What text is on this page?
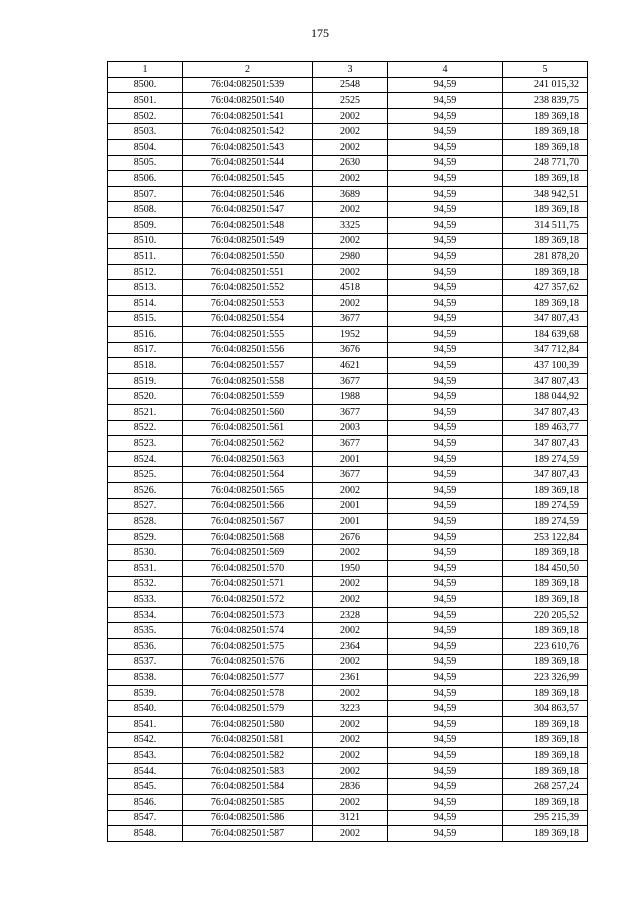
175
1	2	3	4	5
8500.	76:04:082501:539	2548	94,59	241 015,32
8501.	76:04:082501:540	2525	94,59	238 839,75
8502.	76:04:082501:541	2002	94,59	189 369,18
8503.	76:04:082501:542	2002	94,59	189 369,18
8504.	76:04:082501:543	2002	94,59	189 369,18
8505.	76:04:082501:544	2630	94,59	248 771,70
8506.	76:04:082501:545	2002	94,59	189 369,18
8507.	76:04:082501:546	3689	94,59	348 942,51
8508.	76:04:082501:547	2002	94,59	189 369,18
8509.	76:04:082501:548	3325	94,59	314 511,75
8510.	76:04:082501:549	2002	94,59	189 369,18
8511.	76:04:082501:550	2980	94,59	281 878,20
8512.	76:04:082501:551	2002	94,59	189 369,18
8513.	76:04:082501:552	4518	94,59	427 357,62
8514.	76:04:082501:553	2002	94,59	189 369,18
8515.	76:04:082501:554	3677	94,59	347 807,43
8516.	76:04:082501:555	1952	94,59	184 639,68
8517.	76:04:082501:556	3676	94,59	347 712,84
8518.	76:04:082501:557	4621	94,59	437 100,39
8519.	76:04:082501:558	3677	94,59	347 807,43
8520.	76:04:082501:559	1988	94,59	188 044,92
8521.	76:04:082501:560	3677	94,59	347 807,43
8522.	76:04:082501:561	2003	94,59	189 463,77
8523.	76:04:082501:562	3677	94,59	347 807,43
8524.	76:04:082501:563	2001	94,59	189 274,59
8525.	76:04:082501:564	3677	94,59	347 807,43
8526.	76:04:082501:565	2002	94,59	189 369,18
8527.	76:04:082501:566	2001	94,59	189 274,59
8528.	76:04:082501:567	2001	94,59	189 274,59
8529.	76:04:082501:568	2676	94,59	253 122,84
8530.	76:04:082501:569	2002	94,59	189 369,18
8531.	76:04:082501:570	1950	94,59	184 450,50
8532.	76:04:082501:571	2002	94,59	189 369,18
8533.	76:04:082501:572	2002	94,59	189 369,18
8534.	76:04:082501:573	2328	94,59	220 205,52
8535.	76:04:082501:574	2002	94,59	189 369,18
8536.	76:04:082501:575	2364	94,59	223 610,76
8537.	76:04:082501:576	2002	94,59	189 369,18
8538.	76:04:082501:577	2361	94,59	223 326,99
8539.	76:04:082501:578	2002	94,59	189 369,18
8540.	76:04:082501:579	3223	94,59	304 863,57
8541.	76:04:082501:580	2002	94,59	189 369,18
8542.	76:04:082501:581	2002	94,59	189 369,18
8543.	76:04:082501:582	2002	94,59	189 369,18
8544.	76:04:082501:583	2002	94,59	189 369,18
8545.	76:04:082501:584	2836	94,59	268 257,24
8546.	76:04:082501:585	2002	94,59	189 369,18
8547.	76:04:082501:586	3121	94,59	295 215,39
8548.	76:04:082501:587	2002	94,59	189 369,18
